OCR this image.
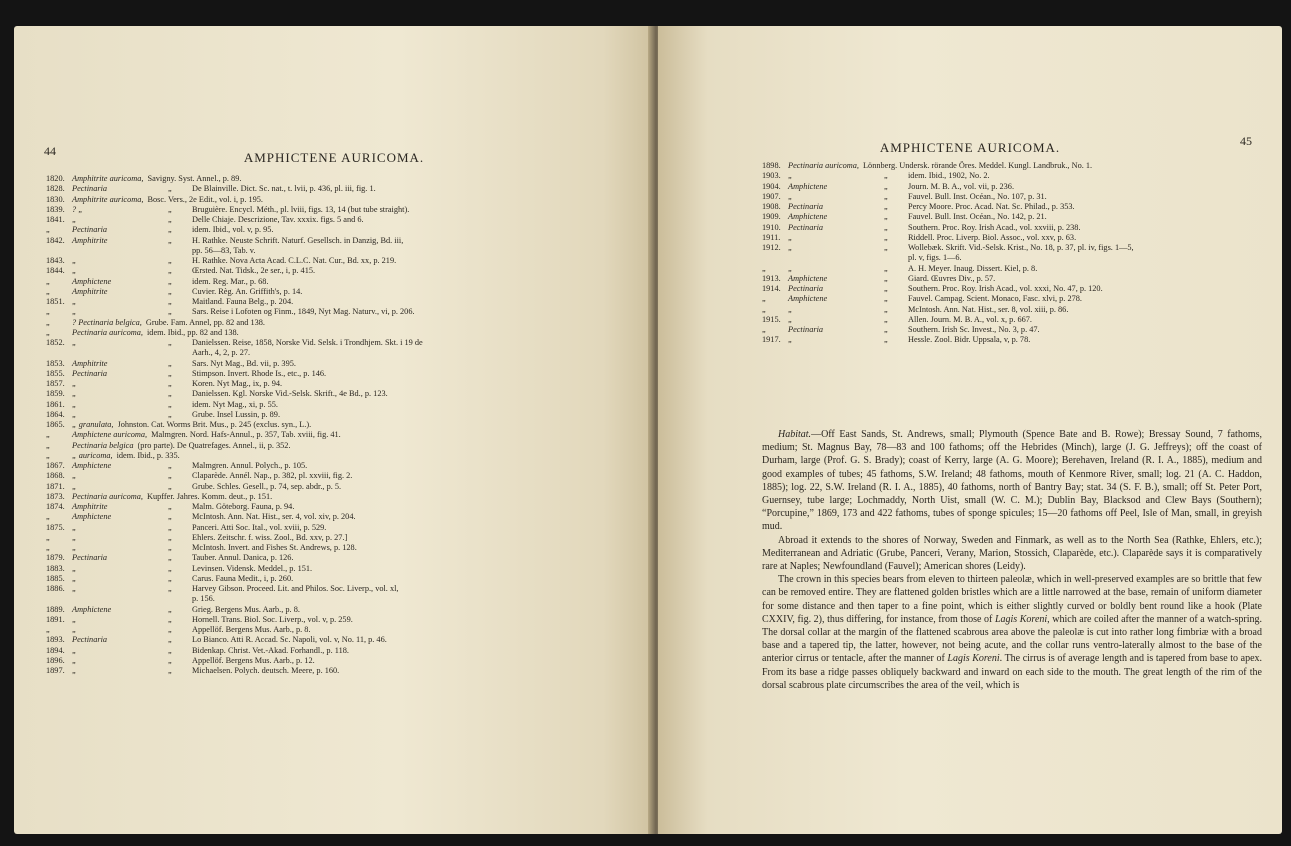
44	AMPHICTENE AURICOMA.
1820. Amphitrite auricoma, Savigny. Syst. Annel., p. 89.
1828. Pectinaria	„	De Blainville. Dict. Sc. nat., t. lvii, p. 436, pl. iii, fig. 1.
1830. Amphitrite auricoma, Bosc. Vers., 2e Edit., vol. i, p. 195.
1839. ? „	„	Bruguière. Encycl. Méth., pl. lviii, figs. 13, 14 (but tube straight).
1841. „	„	Delle Chiaje. Descrizione, Tav. xxxix. figs. 5 and 6.
„	Pectinaria	„	idem. Ibid., vol. v, p. 95.
1842. Amphitrite	„	H. Rathke. Neuste Schrift. Naturf. Gesellsch. in Danzig, Bd. iii,
pp. 56—83, Tab. v.
1843. „	„	H. Rathke. Nova Acta Acad. C.L.C. Nat. Cur., Bd. xx, p. 219.
1844. „	„	Œrsted. Nat. Tidsk., 2e ser., i, p. 415.
„	Amphictene	„	idem. Reg. Mar., p. 68.
„	Amphitrite	„	Cuvier. Règ. An. Griffith's, p. 14.
1851. „	„	Maitland. Fauna Belg., p. 204.
„	„	„	Sars. Reise i Lofoten og Finm., 1849, Nyt Mag. Naturv., vi, p. 206.
„	? Pectinaria belgica, Grube. Fam. Annel, pp. 82 and 138.
„	Pectinaria auricoma, idem. Ibid., pp. 82 and 138.
1852. „	„	Danielssen. Reise, 1858, Norske Vid. Selsk. i Trondhjem. Skt. i 19 de
Aarh., 4, 2, p. 27.
1853. Amphitrite	„	Sars. Nyt Mag., Bd. vii, p. 395.
1855. Pectinaria	„	Stimpson. Invert. Rhode Is., etc., p. 146.
1857. „	„	Koren. Nyt Mag., ix, p. 94.
1859. „	„	Danielssen. Kgl. Norske Vid.-Selsk. Skrift., 4e Bd., p. 123.
1861. „	„	idem. Nyt Mag., xi, p. 55.
1864. „	„	Grube. Insel Lussin, p. 89.
1865. „ granulata, Johnston. Cat. Worms Brit. Mus., p. 245 (exclus. syn., L.).
„	Amphictene auricoma, Malmgren. Nord. Hafs-Annul., p. 357, Tab. xviii, fig. 41.
„	Pectinaria belgica (pro parte). De Quatrefages. Annel., ii, p. 352.
„	„ auricoma, idem. Ibid., p. 335.
1867. Amphictene	„	Malmgren. Annul. Polych., p. 105.
1868. „	„	Claparède. Annél. Nap., p. 382, pl. xxviii, fig. 2.
1871. „	„	Grube. Schles. Gesell., p. 74, sep. abdr., p. 5.
1873. Pectinaria auricoma, Kupffer. Jahres. Komm. deut., p. 151.
1874. Amphitrite	„	Malm. Göteborg. Fauna, p. 94.
„	Amphictene	„	McIntosh. Ann. Nat. Hist., ser. 4, vol. xiv, p. 204.
1875. „	„	Panceri. Atti Soc. Ital., vol. xviii, p. 529.
„	„	„	Ehlers. Zeitschr. f. wiss. Zool., Bd. xxv, p. 27.]
„	„	„	McIntosh. Invert. and Fishes St. Andrews, p. 128.
1879. Pectinaria	„	Tauber. Annul. Danica, p. 126.
1883. „	„	Levinsen. Vidensk. Meddel., p. 151.
1885. „	„	Carus. Fauna Medit., i, p. 260.
1886. „	„	Harvey Gibson. Proceed. Lit. and Philos. Soc. Liverp., vol. xl,
p. 156.
1889. Amphictene	„	Grieg. Bergens Mus. Aarb., p. 8.
1891. „	„	Hornell. Trans. Biol. Soc. Liverp., vol. v, p. 259.
„	„	„	Appellöf. Bergens Mus. Aarb., p. 8.
1893. Pectinaria	„	Lo Bianco. Atti R. Accad. Sc. Napoli, vol. v, No. 11, p. 46.
1894. „	„	Bidenkap. Christ. Vet.-Akad. Forhandl., p. 118.
1896. „	„	Appellöf. Bergens Mus. Aarb., p. 12.
1897. „	„	Michaelsen. Polych. deutsch. Meere, p. 160.
AMPHICTENE AURICOMA.	45
1898. Pectinaria auricoma, Lönnberg. Undersk. rörande Öres. Meddel. Kungl. Landbruk., No. 1.
1903. „	„	idem. Ibid., 1902, No. 2.
1904. Amphictene	„	Journ. M. B. A., vol. vii, p. 236.
1907. „	„	Fauvel. Bull. Inst. Océan., No. 107, p. 31.
1908. Pectinaria	„	Percy Moore. Proc. Acad. Nat. Sc. Philad., p. 353.
1909. Amphictene	„	Fauvel. Bull. Inst. Océan., No. 142, p. 21.
1910. Pectinaria	„	Southern. Proc. Roy. Irish Acad., vol. xxviii, p. 238.
1911. „	„	Riddell. Proc. Liverp. Biol. Assoc., vol. xxv, p. 63.
1912. „	„	Wollebæk. Skrift. Vid.-Selsk. Krist., No. 18, p. 37, pl. iv, figs. 1—5,
pl. v, figs. 1—6.
„	„	„	A. H. Meyer. Inaug. Dissert. Kiel, p. 8.
1913. Amphictene	„	Giard. Œuvres Div., p. 57.
1914. Pectinaria	„	Southern. Proc. Roy. Irish Acad., vol. xxxi, No. 47, p. 120.
„	Amphictene	„	Fauvel. Campag. Scient. Monaco, Fasc. xlvi, p. 278.
„	„	„	McIntosh. Ann. Nat. Hist., ser. 8, vol. xiii, p. 86.
1915. „	„	Allen. Journ. M. B. A., vol. x, p. 667.
„	Pectinaria	„	Southern. Irish Sc. Invest., No. 3, p. 47.
1917. „	„	Hessle. Zool. Bidr. Uppsala, v, p. 78.

Habitat.—Off East Sands, St. Andrews, small; Plymouth (Spence Bate and B. Rowe); Bressay Sound, 7 fathoms, medium; St. Magnus Bay, 78—83 and 100 fathoms; off the Hebrides (Minch), large (J. G. Jeffreys); off the coast of Durham, large (Prof. G. S. Brady); coast of Kerry, large (A. G. Moore); Berehaven, Ireland (R. I. A., 1885), medium and good examples of tubes; 45 fathoms, S.W. Ireland; 48 fathoms, mouth of Kenmore River, small; log. 21 (A. C. Haddon, 1885); log. 22, S.W. Ireland (R. I. A., 1885), 40 fathoms, north of Bantry Bay; stat. 34 (S. F. B.), small; off St. Peter Port, Guernsey, tube large; Lochmaddy, North Uist, small (W. C. M.); Dublin Bay, Blacksod and Clew Bays (Southern); “Porcupine,” 1869, 173 and 422 fathoms, tubes of sponge spicules; 15—20 fathoms off Peel, Isle of Man, small, in greyish mud.

Abroad it extends to the shores of Norway, Sweden and Finmark, as well as to the North Sea (Rathke, Ehlers, etc.); Mediterranean and Adriatic (Grube, Panceri, Verany, Marion, Stossich, Claparède, etc.). Claparède says it is comparatively rare at Naples; Newfoundland (Fauvel); American shores (Leidy).

The crown in this species bears from eleven to thirteen paleolæ, which in well-preserved examples are so brittle that few can be removed entire. They are flattened golden bristles which are a little narrowed at the base, remain of uniform diameter for some distance and then taper to a fine point, which is either slightly curved or boldly bent round like a hook (Plate CXXIV, fig. 2), thus differing, for instance, from those of Lagis Koreni, which are coiled after the manner of a watch-spring. The dorsal collar at the margin of the flattened scabrous area above the paleolæ is cut into rather long fimbriæ with a broad base and a tapered tip, the latter, however, not being acute, and the collar runs ventro-laterally almost to the base of the anterior cirrus or tentacle, after the manner of Lagis Koreni. The cirrus is of average length and is tapered from base to apex. From its base a ridge passes obliquely backward and inward on each side to the mouth. The great length of the rim of the dorsal scabrous plate circumscribes the area of the veil, which is
